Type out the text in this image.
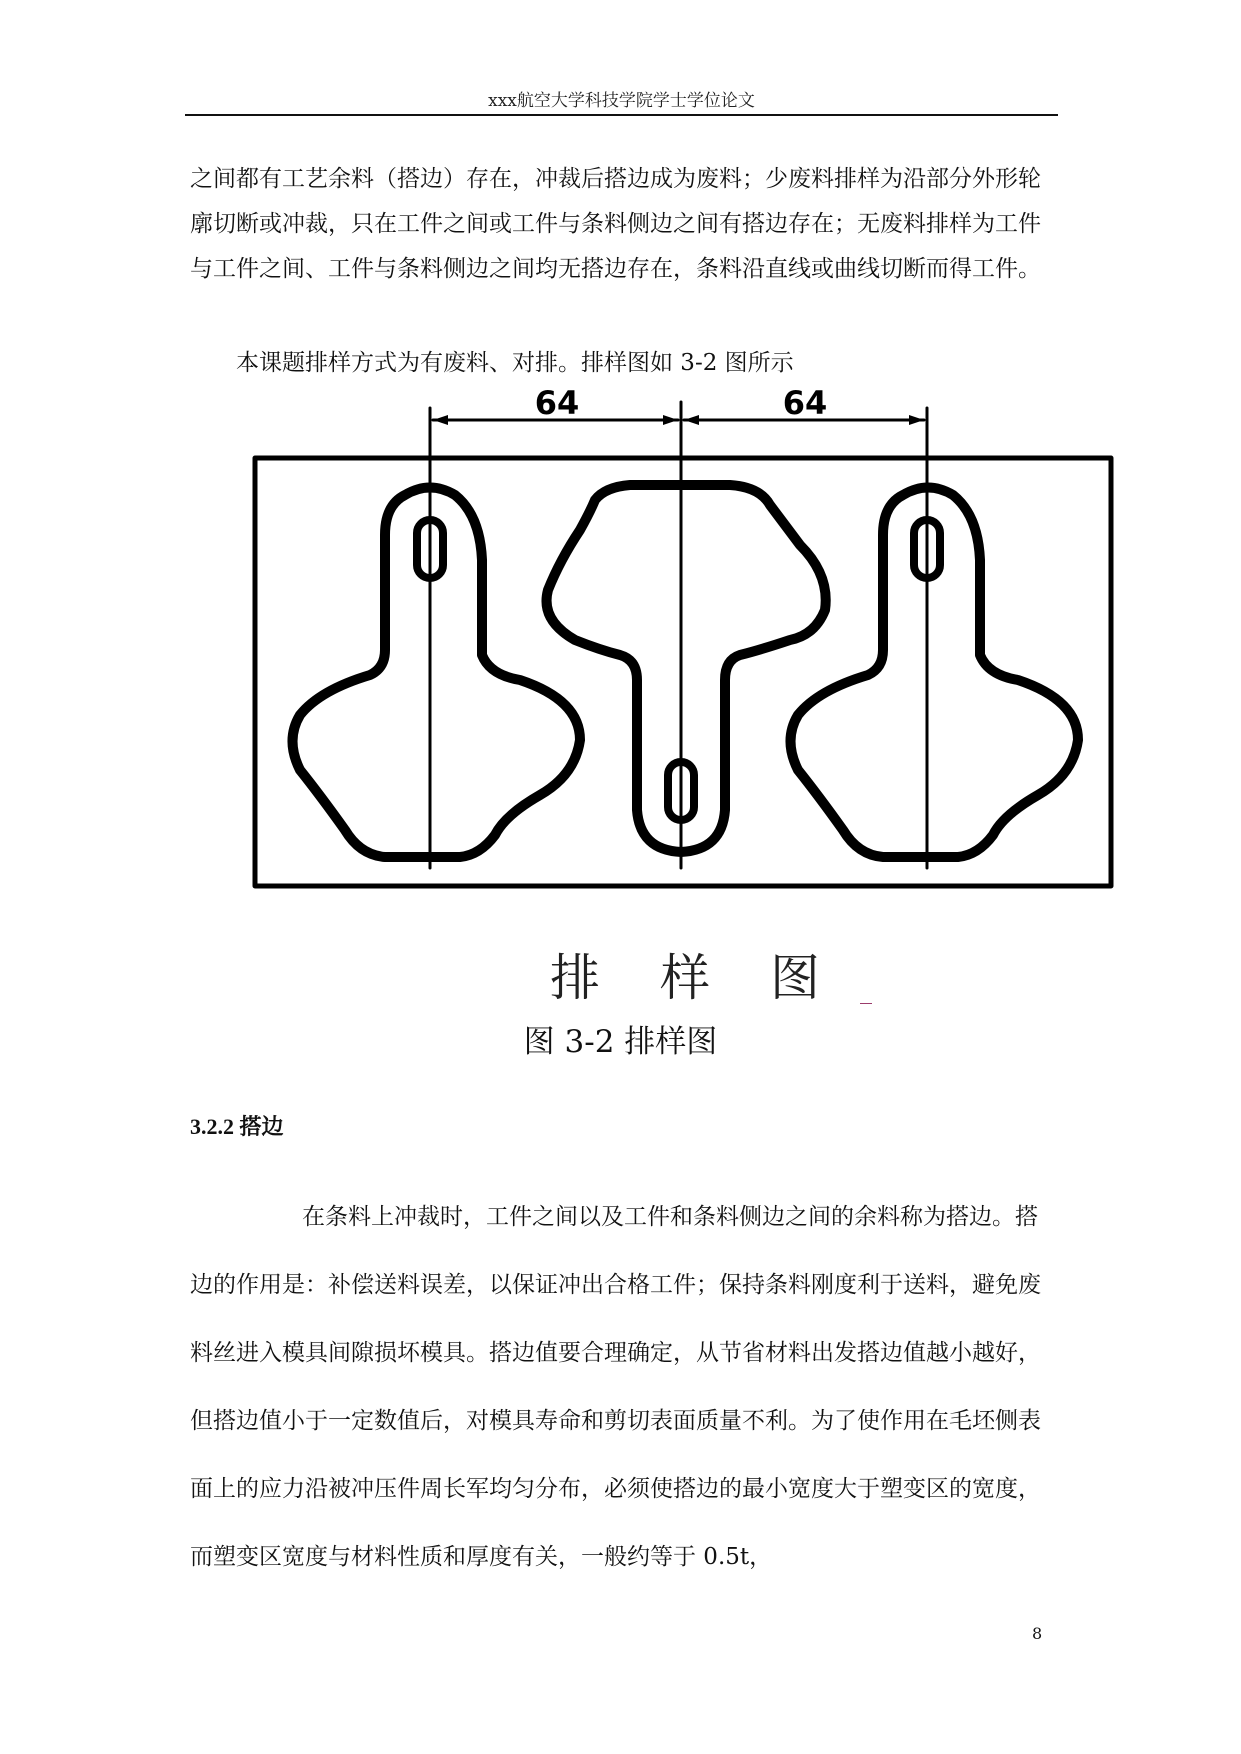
xxx航空大学科技学院学士学位论文
之间都有工艺余料（搭边）存在，冲裁后搭边成为废料；少废料排样为沿部分外形轮廓切断或冲裁，只在工件之间或工件与条料侧边之间有搭边存在；无废料排样为工件与工件之间、工件与条料侧边之间均无搭边存在，条料沿直线或曲线切断而得工件。
本课题排样方式为有废料、对排。排样图如 3-2 图所示
64	64
排样图
图 3-2 排样图
3.2.2 搭边
在条料上冲裁时，工件之间以及工件和条料侧边之间的余料称为搭边。搭边的作用是：补偿送料误差，以保证冲出合格工件；保持条料刚度利于送料，避免废料丝进入模具间隙损坏模具。搭边值要合理确定，从节省材料出发搭边值越小越好，但搭边值小于一定数值后，对模具寿命和剪切表面质量不利。为了使作用在毛坯侧表面上的应力沿被冲压件周长军均匀分布，必须使搭边的最小宽度大于塑变区的宽度，而塑变区宽度与材料性质和厚度有关，一般约等于 0.5t，
8
